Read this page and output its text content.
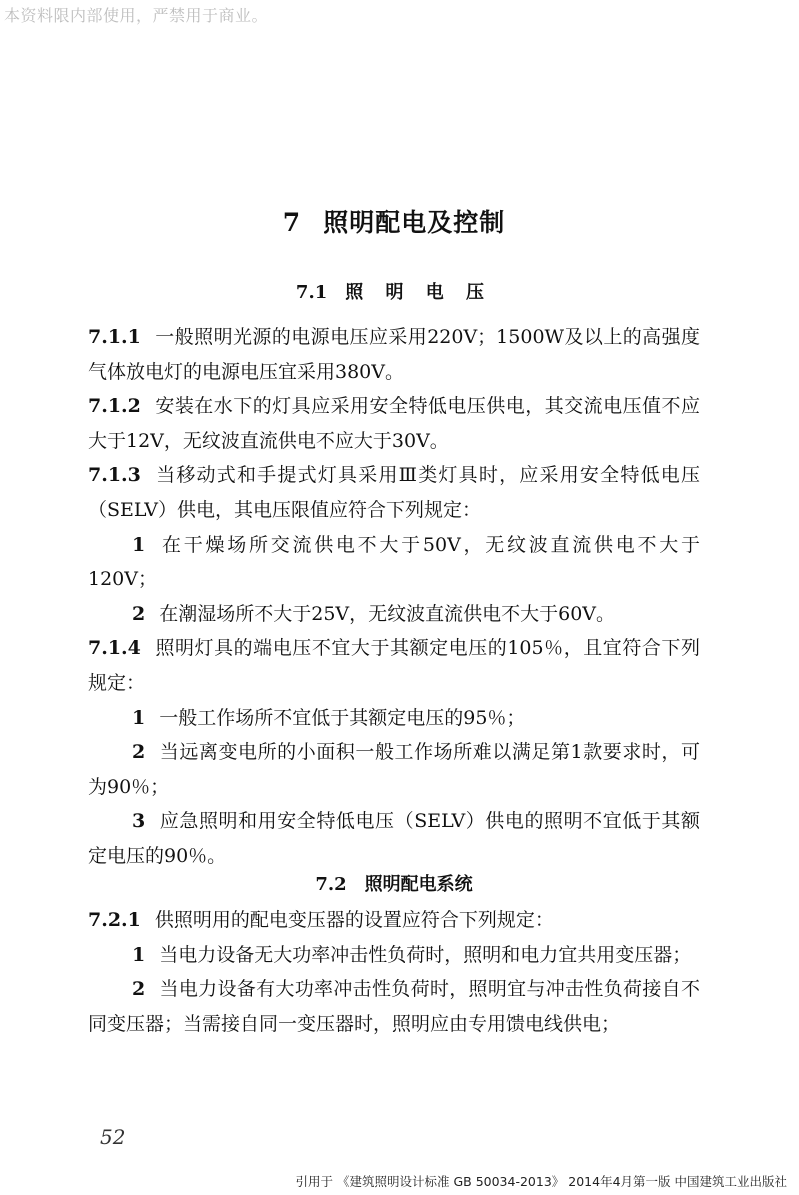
本资料限内部使用，严禁用于商业。
7 照明配电及控制
7.1 照 明 电 压

7.1.1 一般照明光源的电源电压应采用220V；1500W及以上的高强度气体放电灯的电源电压宜采用380V。

7.1.2 安装在水下的灯具应采用安全特低电压供电，其交流电压值不应大于12V，无纹波直流供电不应大于30V。

7.1.3 当移动式和手提式灯具采用Ⅲ类灯具时，应采用安全特低电压（SELV）供电，其电压限值应符合下列规定：

1 在干燥场所交流供电不大于50V，无纹波直流供电不大于120V；

2 在潮湿场所不大于25V，无纹波直流供电不大于60V。

7.1.4 照明灯具的端电压不宜大于其额定电压的105％，且宜符合下列规定：

1 一般工作场所不宜低于其额定电压的95％；

2 当远离变电所的小面积一般工作场所难以满足第1款要求时，可为90％；

3 应急照明和用安全特低电压（SELV）供电的照明不宜低于其额定电压的90％。

7.2 照明配电系统

7.2.1 供照明用的配电变压器的设置应符合下列规定：

1 当电力设备无大功率冲击性负荷时，照明和电力宜共用变压器；

2 当电力设备有大功率冲击性负荷时，照明宜与冲击性负荷接自不同变压器；当需接自同一变压器时，照明应由专用馈电线供电；

52
引用于 《建筑照明设计标准 GB 50034-2013》 2014年4月第一版 中国建筑工业出版社
